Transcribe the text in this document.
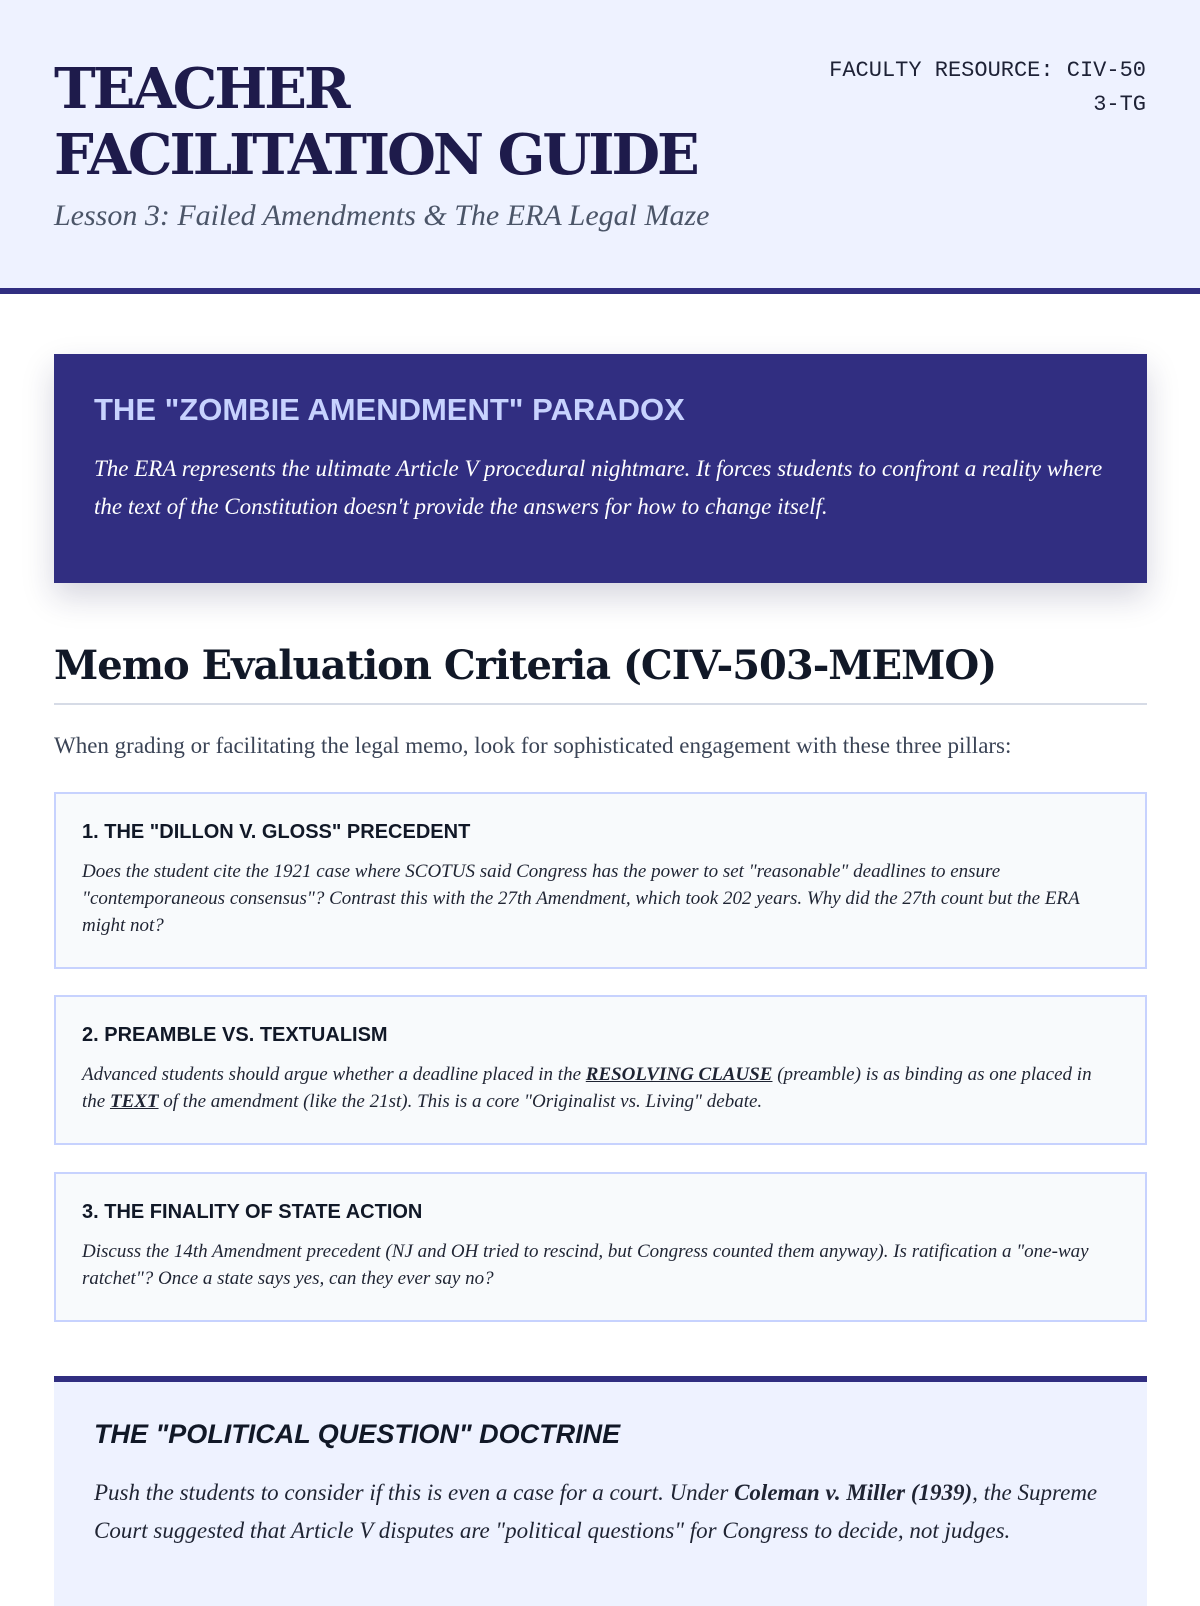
TEACHER FACILITATION GUIDE
Lesson 3: Failed Amendments & The ERA Legal Maze
FACULTY RESOURCE: CIV-503-TG
THE "ZOMBIE AMENDMENT" PARADOX

The ERA represents the ultimate Article V procedural nightmare. It forces students to confront a reality where the text of the Constitution doesn't provide the answers for how to change itself.

Memo Evaluation Criteria (CIV-503-MEMO)

When grading or facilitating the legal memo, look for sophisticated engagement with these three pillars:

1. THE "DILLON V. GLOSS" PRECEDENT

Does the student cite the 1921 case where SCOTUS said Congress has the power to set "reasonable" deadlines to ensure "contemporaneous consensus"? Contrast this with the 27th Amendment, which took 202 years. Why did the 27th count but the ERA might not?

2. PREAMBLE VS. TEXTUALISM

Advanced students should argue whether a deadline placed in the RESOLVING CLAUSE (preamble) is as binding as one placed in the TEXT of the amendment (like the 21st). This is a core "Originalist vs. Living" debate.

3. THE FINALITY OF STATE ACTION

Discuss the 14th Amendment precedent (NJ and OH tried to rescind, but Congress counted them anyway). Is ratification a "one-way ratchet"? Once a state says yes, can they ever say no?

THE "POLITICAL QUESTION" DOCTRINE

Push the students to consider if this is even a case for a court. Under Coleman v. Miller (1939), the Supreme Court suggested that Article V disputes are "political questions" for Congress to decide, not judges.
